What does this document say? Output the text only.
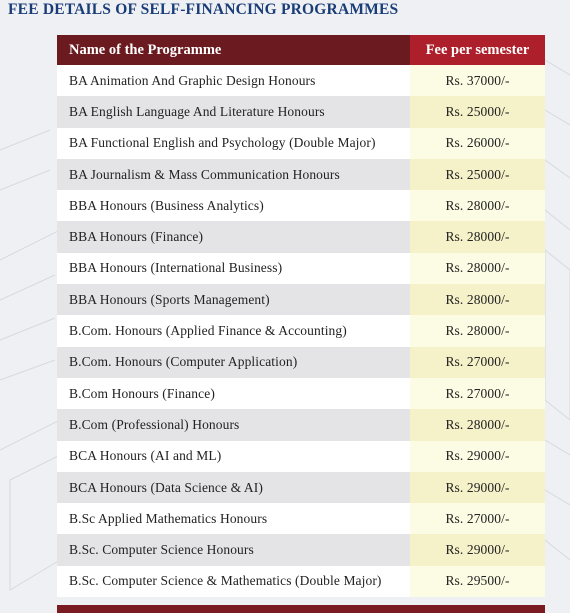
FEE DETAILS OF SELF-FINANCING PROGRAMMES
Name of the Programme	Fee per semester
BA Animation And Graphic Design Honours	Rs. 37000/-
BA English Language And Literature Honours	Rs. 25000/-
BA Functional English and Psychology (Double Major)	Rs. 26000/-
BA Journalism & Mass Communication Honours	Rs. 25000/-
BBA Honours (Business Analytics)	Rs. 28000/-
BBA Honours (Finance)	Rs. 28000/-
BBA Honours (International Business)	Rs. 28000/-
BBA Honours (Sports Management)	Rs. 28000/-
B.Com. Honours (Applied Finance & Accounting)	Rs. 28000/-
B.Com. Honours (Computer Application)	Rs. 27000/-
B.Com Honours (Finance)	Rs. 27000/-
B.Com (Professional) Honours	Rs. 28000/-
BCA Honours (AI and ML)	Rs. 29000/-
BCA Honours (Data Science & AI)	Rs. 29000/-
B.Sc Applied Mathematics Honours	Rs. 27000/-
B.Sc. Computer Science Honours	Rs. 29000/-
B.Sc. Computer Science & Mathematics (Double Major)	Rs. 29500/-
